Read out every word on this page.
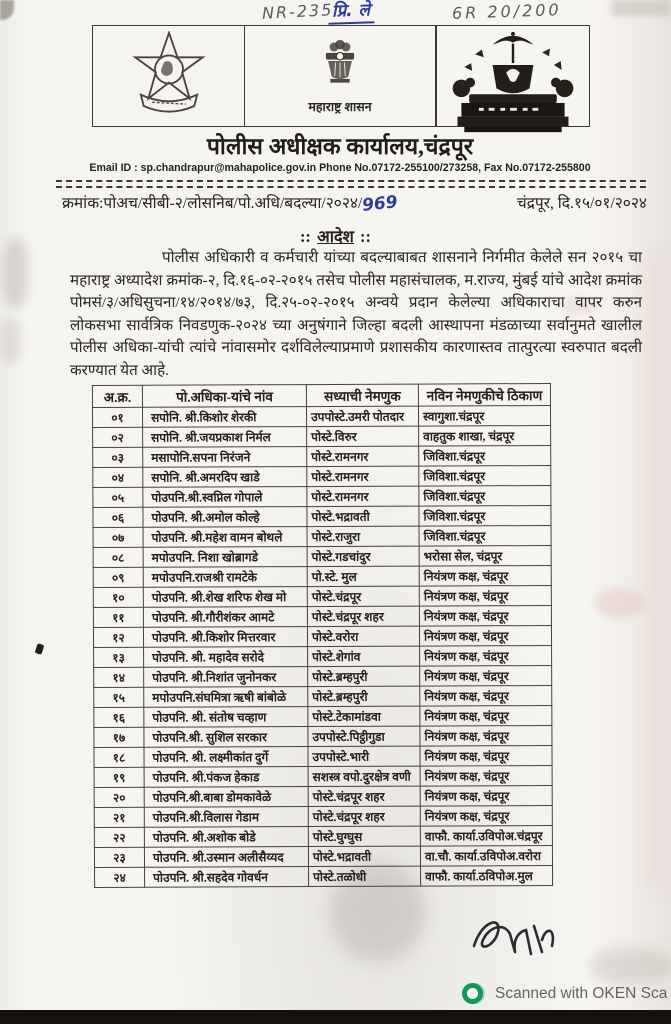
NR-235
प्रि. ले	6R 20/200
महाराष्ट्र शासन
पोलीस अधीक्षक कार्यालय,चंद्रपूर
Email ID : sp.chandrapur@mahapolice.gov.in Phone No.07172-255100/273258, Fax No.07172-255800
क्रमांक:पोअच/सीबी-२/लोसनिब/पो.अधि/बदल्या/२०२४/969	चंद्रपूर, दि.१५/०१/२०२४
:: आदेश ::
पोलीस अधिकारी व कर्मचारी यांच्या बदल्याबाबत शासनाने निर्गमीत केलेले सन २०१५ चा महाराष्ट्र अध्यादेश क्रमांक-२, दि.१६-०२-२०१५ तसेच पोलीस महासंचालक, म.राज्य, मुंबई यांचे आदेश क्रमांक पोमसं/३/अधिसुचना/१४/२०१४/७३, दि.२५-०२-२०१५ अन्वये प्रदान केलेल्या अधिकाराचा वापर करुन लोकसभा सार्वत्रिक निवडणुक-२०२४ च्या अनुषंगाने जिल्हा बदली आस्थापना मंडळाच्या सर्वानुमते खालील पोलीस अधिका-यांची त्यांचे नांवासमोर दर्शविलेल्याप्रमाणे प्रशासकीय कारणास्तव तात्पुरत्या स्वरुपात बदली करण्यात येत आहे.
अ.क्र.	पो.अधिका-यांचे नांव	सध्याची नेमणुक	नविन नेमणुकीचे ठिकाण
०१	सपोनि. श्री.किशोर शेरकी	उपपोस्टे.उमरी पोतदार	स्वागुशा.चंद्रपूर
०२	सपोनि. श्री.जयप्रकाश निर्मल	पोस्टे.विरुर	वाहतुक शाखा, चंद्रपूर
०३	मसापोनि.सपना निरंजने	पोस्टे.रामनगर	जिविशा.चंद्रपूर
०४	सपोनि. श्री.अमरदिप खाडे	पोस्टे.रामनगर	जिविशा.चंद्रपूर
०५	पोउपनि.श्री.स्वप्निल गोपाले	पोस्टे.रामनगर	जिविशा.चंद्रपूर
०६	पोउपनि. श्री.अमोल कोल्हे	पोस्टे.भद्रावती	जिविशा.चंद्रपूर
०७	पोउपनि. श्री.महेश वामन बोथले	पोस्टे.राजुरा	जिविशा.चंद्रपूर
०८	मपोउपनि. निशा खोब्रागडे	पोस्टे.गडचांदुर	भरोसा सेल, चंद्रपूर
०९	मपोउपनि.राजश्री रामटेके	पो.स्टे. मुल	नियंत्रण कक्ष, चंद्रपूर
१०	पोउपनि. श्री.शेख शरिफ शेख मो	पोस्टे.चंद्रपूर	नियंत्रण कक्ष, चंद्रपूर
११	पोउपनि. श्री.गौरीशंकर आमटे	पोस्टे.चंद्रपूर शहर	नियंत्रण कक्ष, चंद्रपूर
१२	पोउपनि. श्री.किशोर मित्तरवार	पोस्टे.वरोरा	नियंत्रण कक्ष, चंद्रपूर
१३	पोउपनि. श्री. महादेव सरोदे	पोस्टे.शेगांव	नियंत्रण कक्ष, चंद्रपूर
१४	पोउपनि. श्री.निशांत जुनोनकर	पोस्टे.ब्रम्हपुरी	नियंत्रण कक्ष, चंद्रपूर
१५	मपोउपनि.संघमित्रा ऋषी बांबोळे	पोस्टे.ब्रम्हपुरी	नियंत्रण कक्ष, चंद्रपूर
१६	पोउपनि. श्री. संतोष चव्हाण	पोस्टे.टेकामांडवा	नियंत्रण कक्ष, चंद्रपूर
१७	पोउपनि.श्री. सुशिल सरकार	उपपोस्टे.पिट्ठीगुडा	नियंत्रण कक्ष, चंद्रपूर
१८	पोउपनि. श्री. लक्ष्मीकांत दुर्गे	उपपोस्टे.भारी	नियंत्रण कक्ष, चंद्रपूर
१९	पोउपनि. श्री.पंकज हेकाड	सशस्त्र वपो.दुरक्षेत्र वणी	नियंत्रण कक्ष, चंद्रपूर
२०	पोउपनि.श्री.बाबा डोमकावेळे	पोस्टे.चंद्रपूर शहर	नियंत्रण कक्ष, चंद्रपूर
२१	पोउपनि.श्री.विलास गेडाम	पोस्टे.चंद्रपूर शहर	नियंत्रण कक्ष, चंद्रपूर
२२	पोउपनि. श्री.अशोक बोडे	पोस्टे.घुग्घुस	वाफौ. कार्या.उविपोअ.चंद्रपूर
२३	पोउपनि. श्री.उस्मान अलीसैय्यद	पोस्टे.भद्रावती	वा.चौ. कार्या.उविपोअ.वरोरा
२४	पोउपनि. श्री.सहदेव गोवर्धन	पोस्टे.तळोधी	वाफौ. कार्या.ठविपोअ.मुल
Scanned with OKEN Sca
